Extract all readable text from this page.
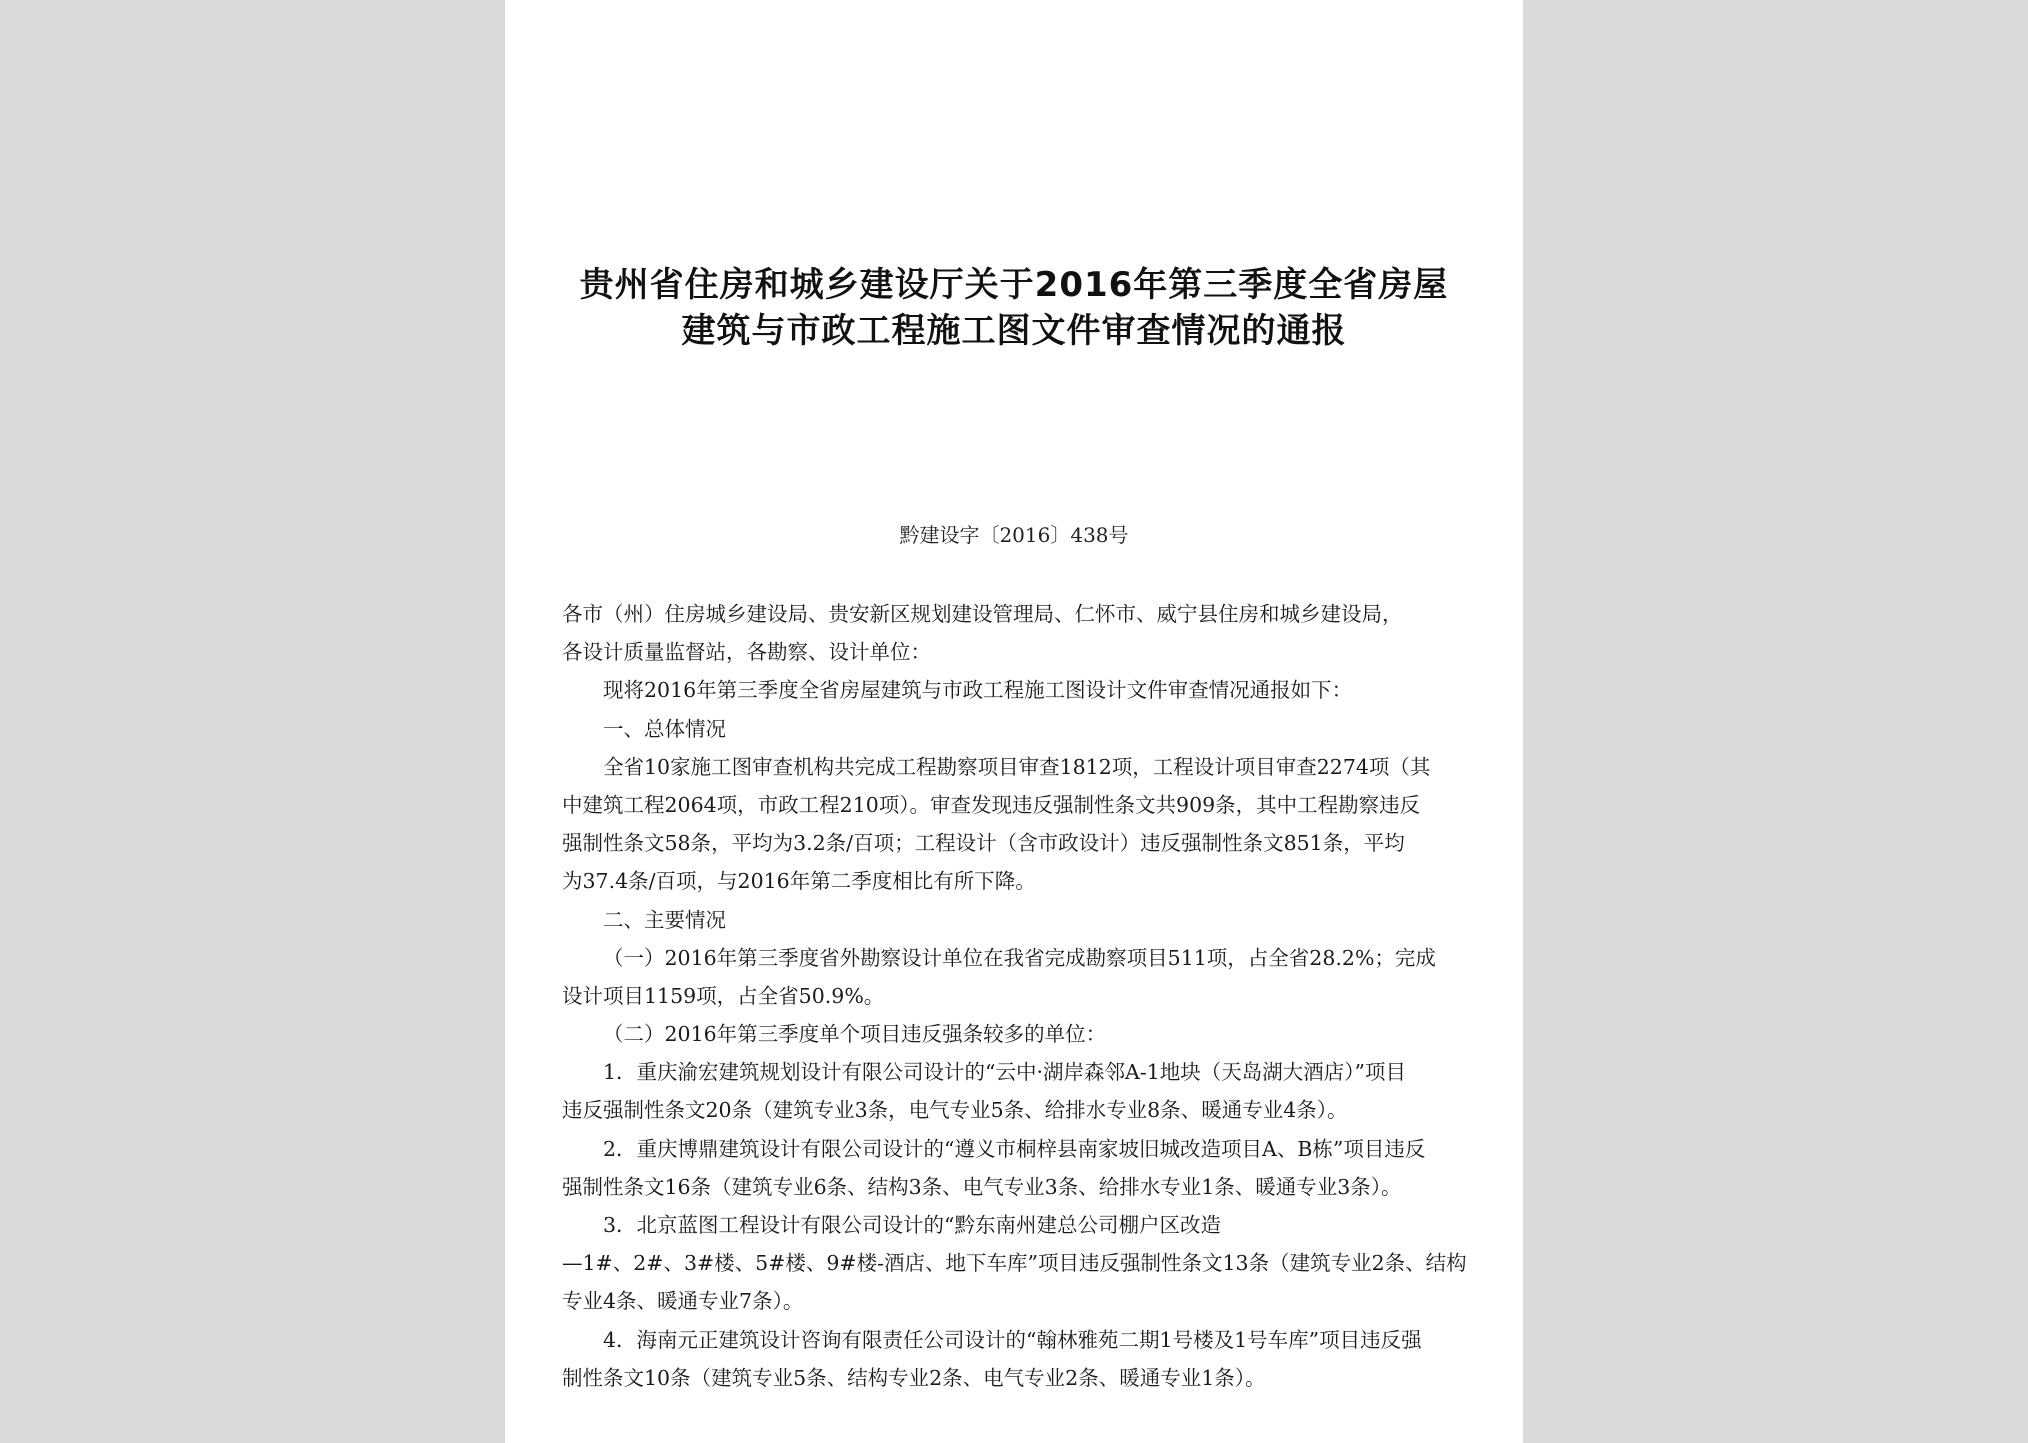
贵州省住房和城乡建设厅关于2016年第三季度全省房屋
建筑与市政工程施工图文件审查情况的通报
黔建设字〔2016〕438号
各市（州）住房城乡建设局、贵安新区规划建设管理局、仁怀市、威宁县住房和城乡建设局，
各设计质量监督站，各勘察、设计单位：
现将2016年第三季度全省房屋建筑与市政工程施工图设计文件审查情况通报如下：
一、总体情况
全省10家施工图审查机构共完成工程勘察项目审查1812项，工程设计项目审查2274项（其
中建筑工程2064项，市政工程210项）。审查发现违反强制性条文共909条，其中工程勘察违反
强制性条文58条，平均为3.2条/百项；工程设计（含市政设计）违反强制性条文851条，平均
为37.4条/百项，与2016年第二季度相比有所下降。
二、主要情况
（一）2016年第三季度省外勘察设计单位在我省完成勘察项目511项，占全省28.2%；完成
设计项目1159项，占全省50.9%。
（二）2016年第三季度单个项目违反强条较多的单位：
1．重庆渝宏建筑规划设计有限公司设计的“云中·湖岸森邻A-1地块（天岛湖大酒店）”项目
违反强制性条文20条（建筑专业3条，电气专业5条、给排水专业8条、暖通专业4条）。
2．重庆博鼎建筑设计有限公司设计的“遵义市桐梓县南家坡旧城改造项目A、B栋”项目违反
强制性条文16条（建筑专业6条、结构3条、电气专业3条、给排水专业1条、暖通专业3条）。
3．北京蓝图工程设计有限公司设计的“黔东南州建总公司棚户区改造
—1#、2#、3#楼、5#楼、9#楼-酒店、地下车库”项目违反强制性条文13条（建筑专业2条、结构
专业4条、暖通专业7条）。
4．海南元正建筑设计咨询有限责任公司设计的“翰林雅苑二期1号楼及1号车库”项目违反强
制性条文10条（建筑专业5条、结构专业2条、电气专业2条、暖通专业1条）。
